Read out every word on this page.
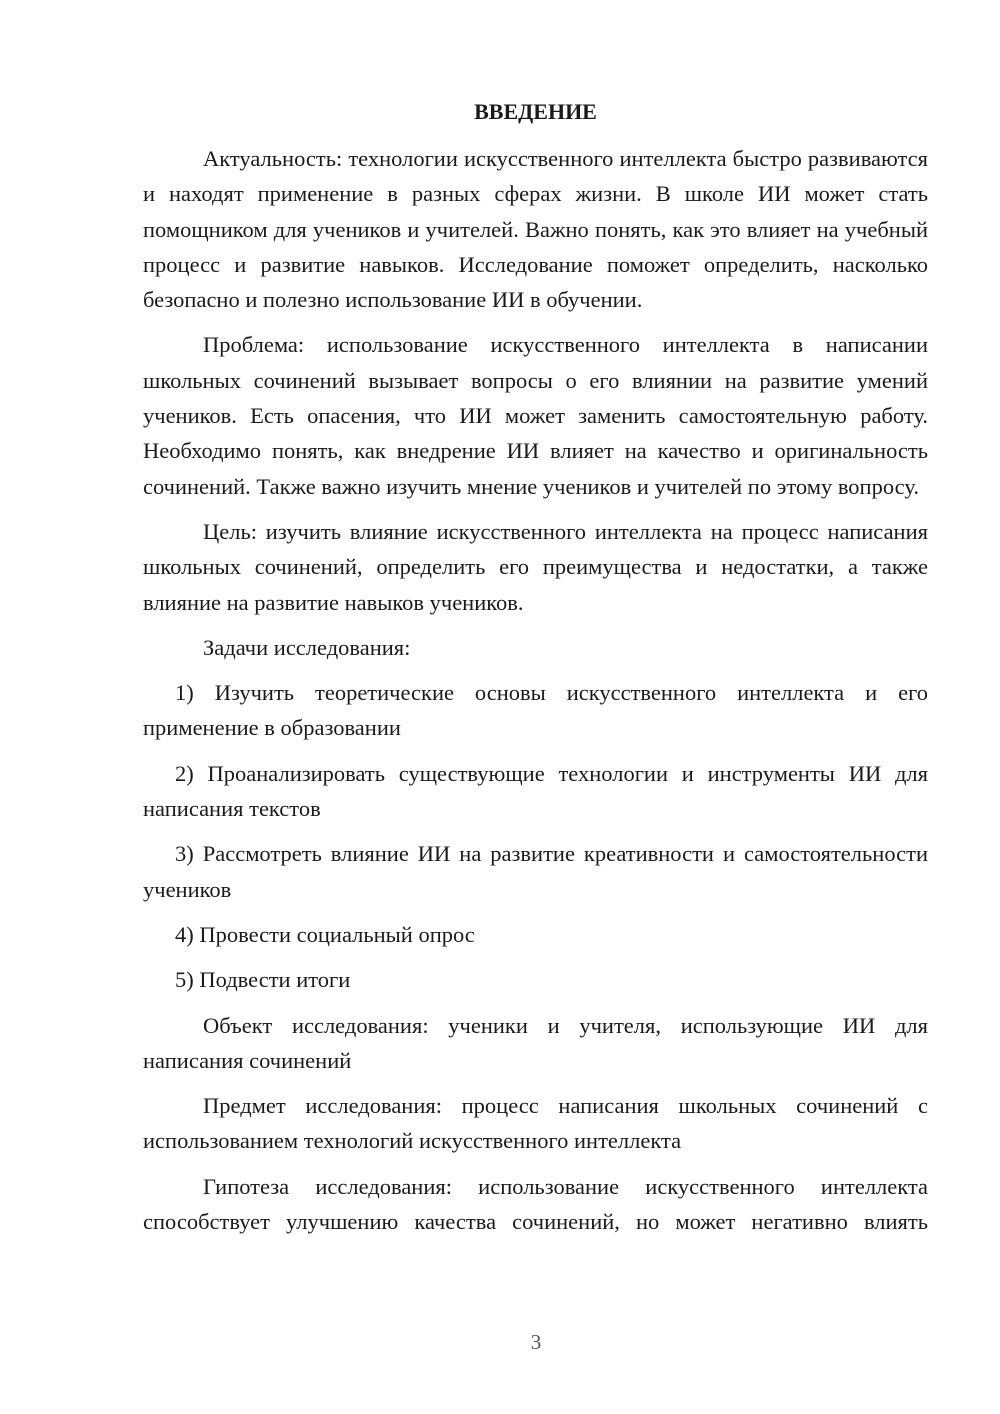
ВВЕДЕНИЕ

Актуальность: технологии искусственного интеллекта быстро развиваются и находят применение в разных сферах жизни. В школе ИИ может стать помощником для учеников и учителей. Важно понять, как это влияет на учебный процесс и развитие навыков. Исследование поможет определить, насколько безопасно и полезно использование ИИ в обучении.

Проблема: использование искусственного интеллекта в написании школьных сочинений вызывает вопросы о его влиянии на развитие умений учеников. Есть опасения, что ИИ может заменить самостоятельную работу. Необходимо понять, как внедрение ИИ влияет на качество и оригинальность сочинений. Также важно изучить мнение учеников и учителей по этому вопросу.

Цель: изучить влияние искусственного интеллекта на процесс написания школьных сочинений, определить его преимущества и недостатки, а также влияние на развитие навыков учеников.

Задачи исследования:

1) Изучить теоретические основы искусственного интеллекта и его применение в образовании

2) Проанализировать существующие технологии и инструменты ИИ для написания текстов

3) Рассмотреть влияние ИИ на развитие креативности и самостоятельности учеников

4) Провести социальный опрос

5) Подвести итоги

Объект исследования: ученики и учителя, использующие ИИ для написания сочинений

Предмет исследования: процесс написания школьных сочинений с использованием технологий искусственного интеллекта

Гипотеза исследования: использование искусственного интеллекта способствует улучшению качества сочинений, но может негативно влиять

3
